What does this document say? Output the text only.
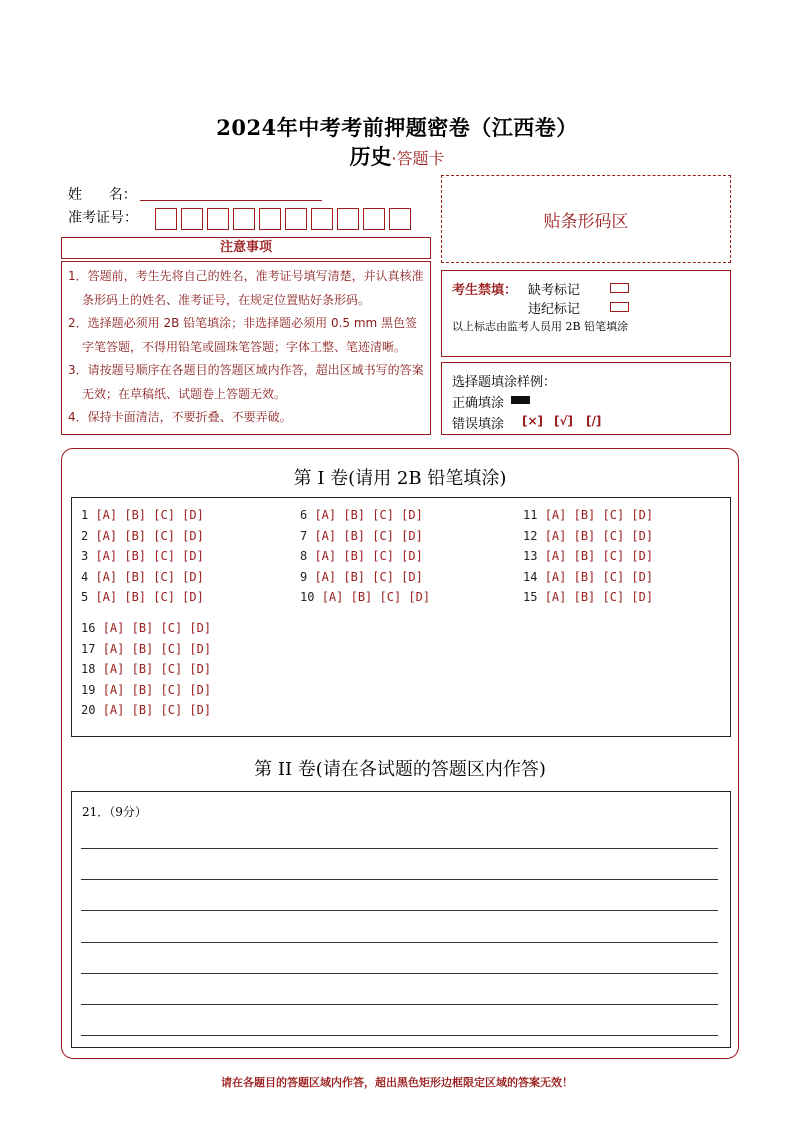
2024年中考考前押题密卷（江西卷）
历史·答题卡
姓      名：
准考证号：	贴条形码区
注意事项

1．答题前，考生先将自己的姓名，准考证号填写清楚，并认真核准条形码上的姓名、准考证号，在规定位置贴好条形码。

2．选择题必须用 2B 铅笔填涂；非选择题必须用 0.5 mm 黑色签字笔答题，不得用铅笔或圆珠笔答题；字体工整、笔迹清晰。

3．请按题号顺序在各题目的答题区域内作答，超出区域书写的答案无效；在草稿纸、试题卷上答题无效。

4．保持卡面清洁，不要折叠、不要弄破。

考生禁填： 缺考标记
违纪标记
以上标志由监考人员用 2B 铅笔填涂
选择题填涂样例：
正确填涂
错误填涂 [×] [√] [/]
第 I 卷(请用 2B 铅笔填涂)
1 [A] [B] [C] [D]
2 [A] [B] [C] [D]
3 [A] [B] [C] [D]
4 [A] [B] [C] [D]
5 [A] [B] [C] [D]
6 [A] [B] [C] [D]
7 [A] [B] [C] [D]
8 [A] [B] [C] [D]
9 [A] [B] [C] [D]
10 [A] [B] [C] [D]
11 [A] [B] [C] [D]
12 [A] [B] [C] [D]
13 [A] [B] [C] [D]
14 [A] [B] [C] [D]
15 [A] [B] [C] [D]
16 [A] [B] [C] [D]
17 [A] [B] [C] [D]
18 [A] [B] [C] [D]
19 [A] [B] [C] [D]
20 [A] [B] [C] [D]
第 II 卷(请在各试题的答题区内作答)
21．（9分）
请在各题目的答题区域内作答，超出黑色矩形边框限定区域的答案无效！
